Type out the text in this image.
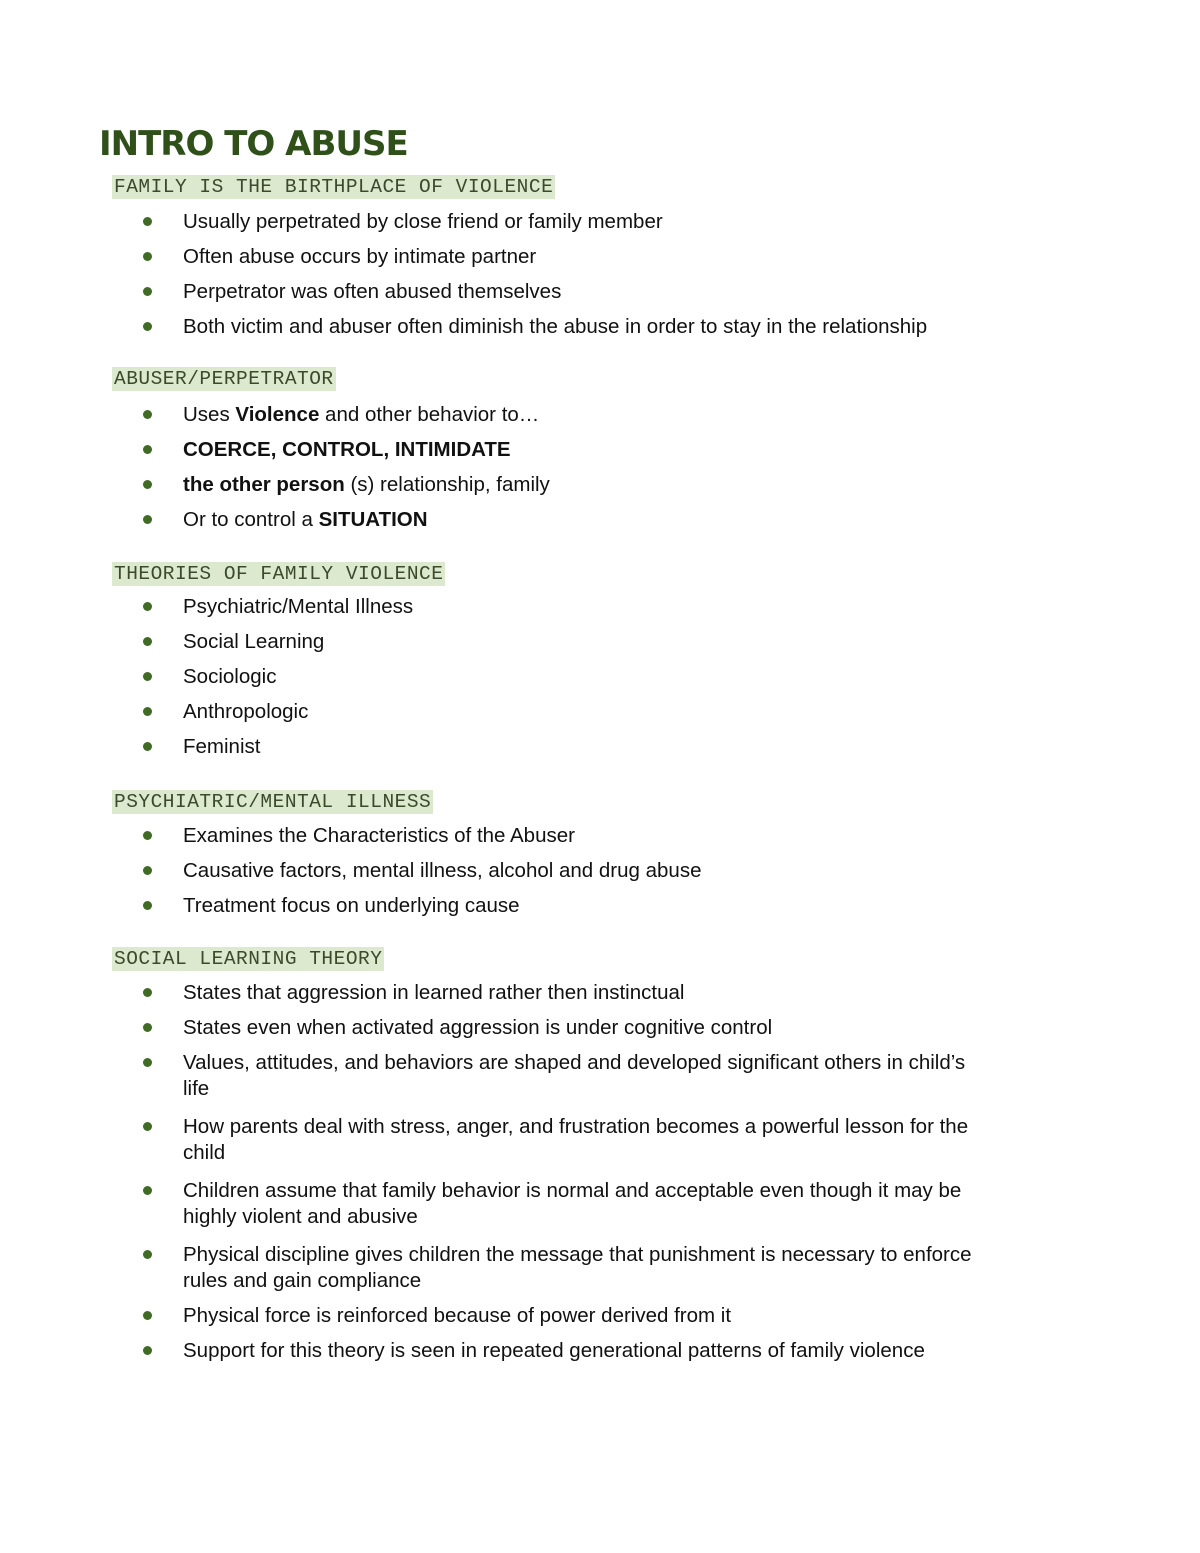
INTRO TO ABUSE
FAMILY IS THE BIRTHPLACE OF VIOLENCE
Usually perpetrated by close friend or family member
Often abuse occurs by intimate partner
Perpetrator was often abused themselves
Both victim and abuser often diminish the abuse in order to stay in the relationship
ABUSER/PERPETRATOR
Uses Violence and other behavior to…
COERCE, CONTROL, INTIMIDATE
the other person (s) relationship, family
Or to control a SITUATION
THEORIES OF FAMILY VIOLENCE
Psychiatric/Mental Illness
Social Learning
Sociologic
Anthropologic
Feminist
PSYCHIATRIC/MENTAL ILLNESS
Examines the Characteristics of the Abuser
Causative factors, mental illness, alcohol and drug abuse
Treatment focus on underlying cause
SOCIAL LEARNING THEORY
States that aggression in learned rather then instinctual
States even when activated aggression is under cognitive control
Values, attitudes, and behaviors are shaped and developed significant others in child’s life
How parents deal with stress, anger, and frustration becomes a powerful lesson for the child
Children assume that family behavior is normal and acceptable even though it may be highly violent and abusive
Physical discipline gives children the message that punishment is necessary to enforce rules and gain compliance
Physical force is reinforced because of power derived from it
Support for this theory is seen in repeated generational patterns of family violence
